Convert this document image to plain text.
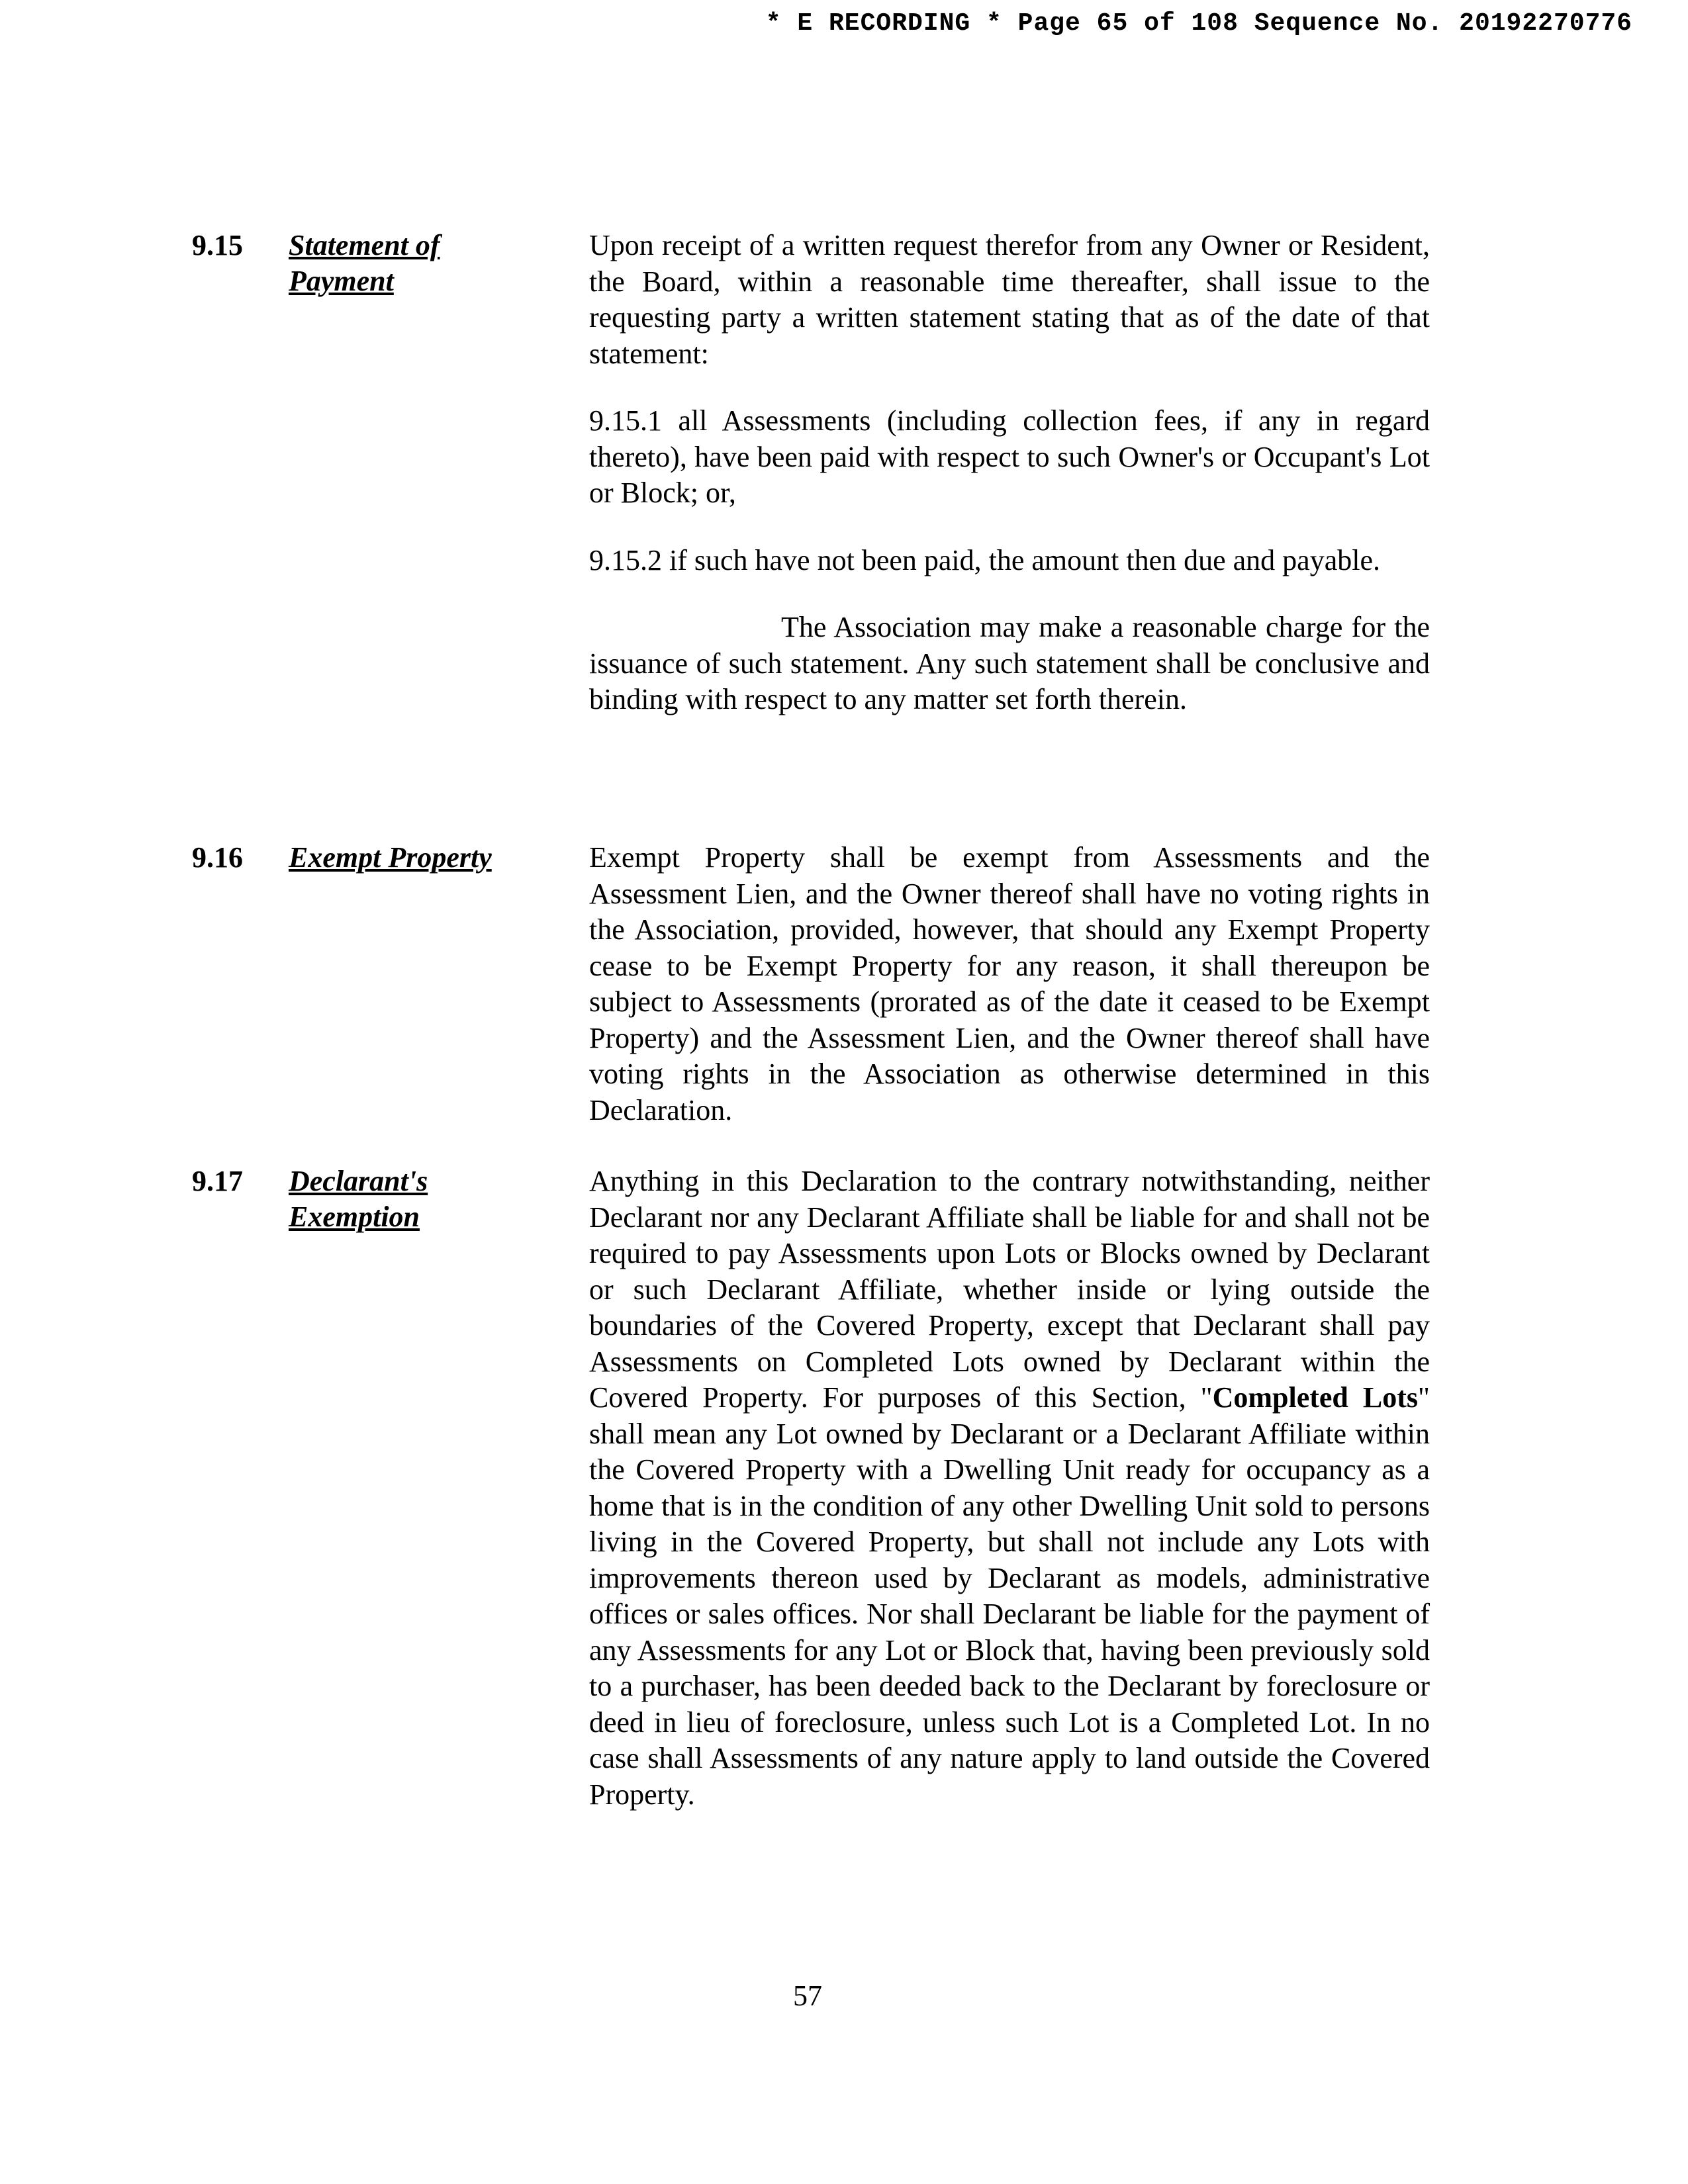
* E RECORDING * Page 65 of 108 Sequence No. 20192270776
9.15 Statement of Payment

Upon receipt of a written request therefor from any Owner or Resident, the Board, within a reasonable time thereafter, shall issue to the requesting party a written statement stating that as of the date of that statement:

9.15.1 all Assessments (including collection fees, if any in regard thereto), have been paid with respect to such Owner's or Occupant's Lot or Block; or,

9.15.2 if such have not been paid, the amount then due and payable.

The Association may make a reasonable charge for the issuance of such statement. Any such statement shall be conclusive and binding with respect to any matter set forth therein.

9.16 Exempt Property	Exempt Property shall be exempt from Assessments and the Assessment Lien, and the Owner thereof shall have no voting rights in the Association, provided, however, that should any Exempt Property cease to be Exempt Property for any reason, it shall thereupon be subject to Assessments (prorated as of the date it ceased to be Exempt Property) and the Assessment Lien, and the Owner thereof shall have voting rights in the Association as otherwise determined in this Declaration.

9.17 Declarant's Exemption

Anything in this Declaration to the contrary notwithstanding, neither Declarant nor any Declarant Affiliate shall be liable for and shall not be required to pay Assessments upon Lots or Blocks owned by Declarant or such Declarant Affiliate, whether inside or lying outside the boundaries of the Covered Property, except that Declarant shall pay Assessments on Completed Lots owned by Declarant within the Covered Property. For purposes of this Section, "Completed Lots" shall mean any Lot owned by Declarant or a Declarant Affiliate within the Covered Property with a Dwelling Unit ready for occupancy as a home that is in the condition of any other Dwelling Unit sold to persons living in the Covered Property, but shall not include any Lots with improvements thereon used by Declarant as models, administrative offices or sales offices. Nor shall Declarant be liable for the payment of any Assessments for any Lot or Block that, having been previously sold to a purchaser, has been deeded back to the Declarant by foreclosure or deed in lieu of foreclosure, unless such Lot is a Completed Lot. In no case shall Assessments of any nature apply to land outside the Covered Property.

57
